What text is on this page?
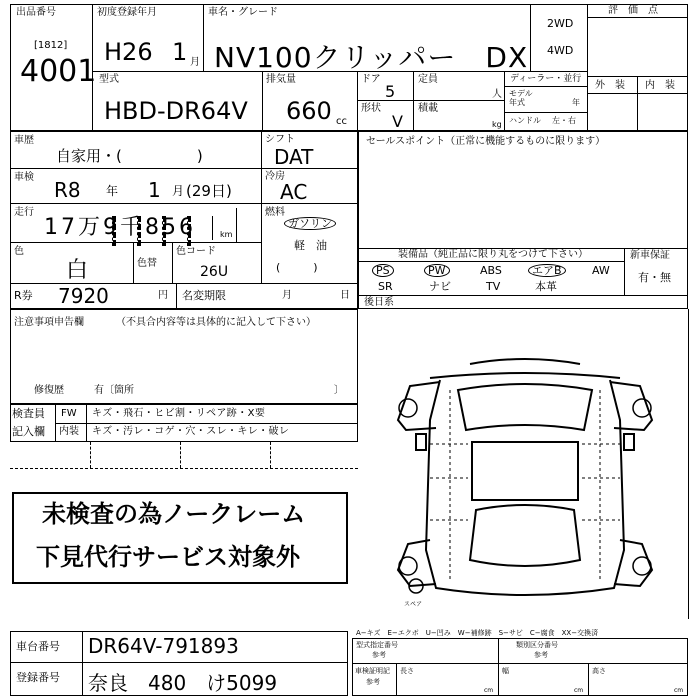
出品番号
[1812]
4001
初度登録年月
H26 1 月
車名・グレード
NV100クリッパー　DX
2WD
4WD
評　価　点
外　装 内　装
型式
HBD-DR64V
排気量
660 cc
ドア
5
形状
V
定員
人
積載
kg
ディーラー・並行
モデル年式	年
ハンドル 左・右
車歴
自家用・(　　　　　)
シフト
DAT
車検
R8 年 1 月 (29日)
冷房
AC
走行
17万9千856	km
燃料
ガソリン
軽　油
(　　　)
色
白	色替
色コード
26U
R券 7920	円 名変期限	月	日
セールスポイント（正常に機能するものに限ります）
装備品（純正品に限り丸をつけて下さい）	新車保証
有・無
PS	PW	ABS	エアB	AW
SR	ナビ	TV	本革
後日系
注意事項申告欄	（不具合内容等は具体的に記入して下さい）
修復歴	有〔箇所	〕
検査員
記入欄
FW キズ・飛石・ヒビ割・リペア跡・X要
内装 キズ・汚レ・コゲ・穴・スレ・キレ・破レ
未検査の為ノークレーム
下見代行サービス対象外
スペア
車台番号 DR64V-791893
登録番号 奈良　480　け5099
A−キズ　E−エクボ　U−凹み　W−補修跡　S−サビ　C−腐食　XX−交換済
型式指定番号
参考
類別区分番号
参考
車検証明記
参考
長さ
cm
幅
cm
高さ
cm
